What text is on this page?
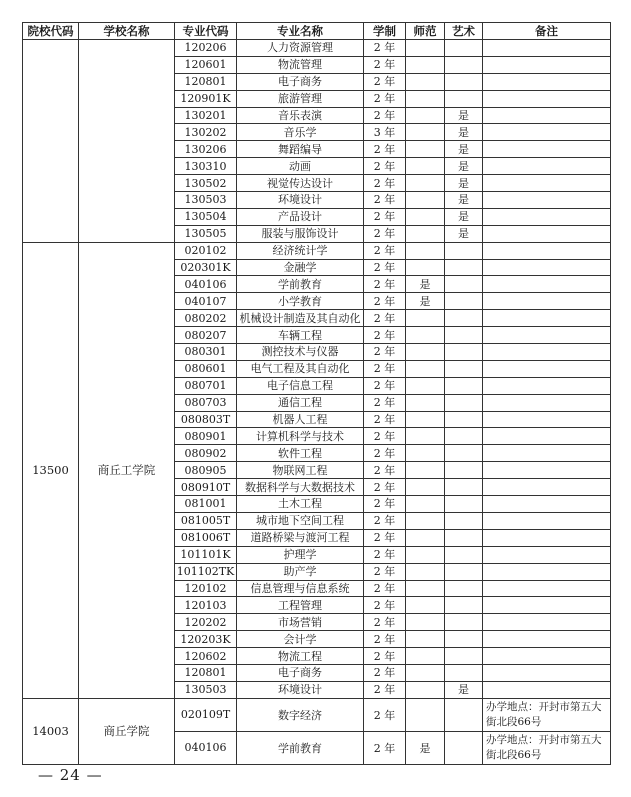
院校代码	学校名称	专业代码	专业名称	学制	师范	艺术	备注
		120206	人力资源管理	2 年			
		120601	物流管理	2 年			
		120801	电子商务	2 年			
		120901K	旅游管理	2 年			
		130201	音乐表演	2 年		是	
		130202	音乐学	3 年		是	
		130206	舞蹈编导	2 年		是	
		130310	动画	2 年		是	
		130502	视觉传达设计	2 年		是	
		130503	环境设计	2 年		是	
		130504	产品设计	2 年		是	
		130505	服装与服饰设计	2 年		是	
13500	商丘工学院	020102	经济统计学	2 年			
		020301K	金融学	2 年			
		040106	学前教育	2 年	是		
		040107	小学教育	2 年	是		
		080202	机械设计制造及其自动化	2 年			
		080207	车辆工程	2 年			
		080301	测控技术与仪器	2 年			
		080601	电气工程及其自动化	2 年			
		080701	电子信息工程	2 年			
		080703	通信工程	2 年			
		080803T	机器人工程	2 年			
		080901	计算机科学与技术	2 年			
		080902	软件工程	2 年			
		080905	物联网工程	2 年			
		080910T	数据科学与大数据技术	2 年			
		081001	土木工程	2 年			
		081005T	城市地下空间工程	2 年			
		081006T	道路桥梁与渡河工程	2 年			
		101101K	护理学	2 年			
		101102TK	助产学	2 年			
		120102	信息管理与信息系统	2 年			
		120103	工程管理	2 年			
		120202	市场营销	2 年			
		120203K	会计学	2 年			
		120602	物流工程	2 年			
		120801	电子商务	2 年			
		130503	环境设计	2 年		是	
14003	商丘学院	020109T	数字经济	2 年			办学地点：开封市第五大街北段66号
		040106	学前教育	2 年	是		办学地点：开封市第五大街北段66号
— 24 —
